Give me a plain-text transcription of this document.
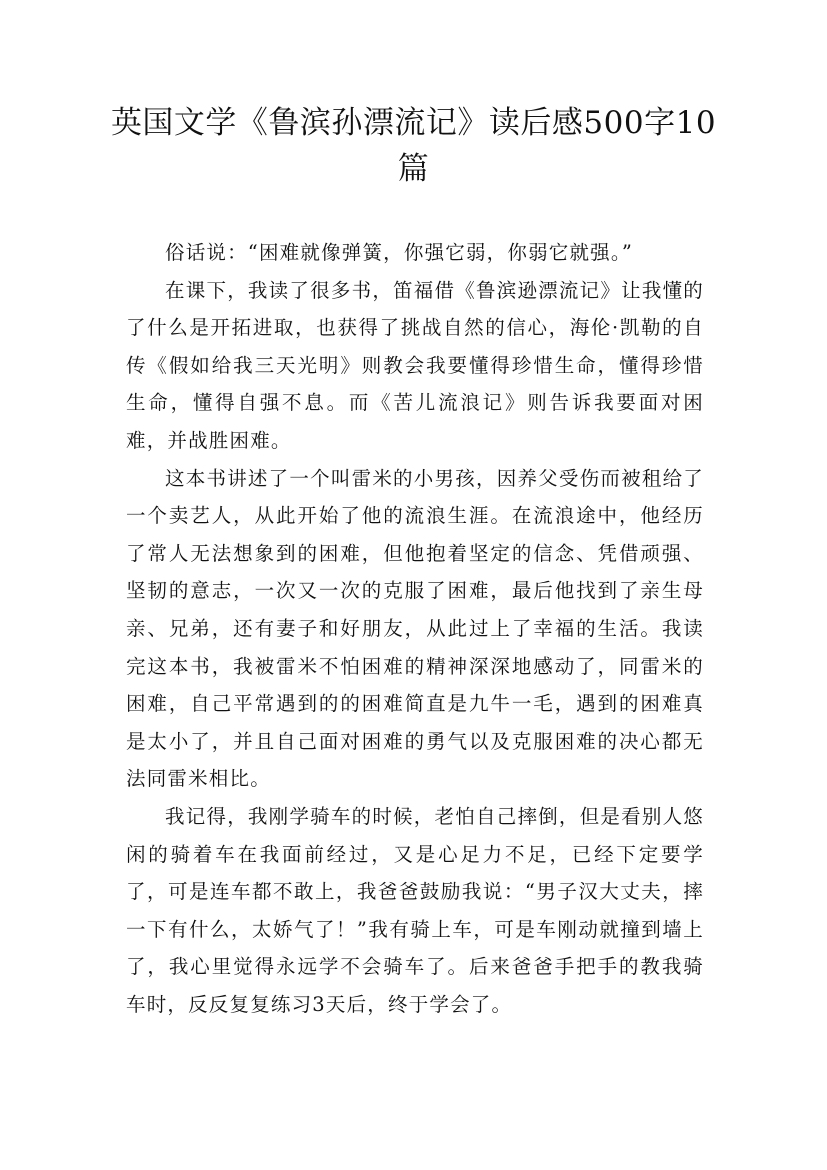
英国文学《鲁滨孙漂流记》读后感500字10篇

俗话说：“困难就像弹簧，你强它弱，你弱它就强。”

在课下，我读了很多书，笛福借《鲁滨逊漂流记》让我懂的了什么是开拓进取，也获得了挑战自然的信心，海伦·凯勒的自传《假如给我三天光明》则教会我要懂得珍惜生命，懂得珍惜生命，懂得自强不息。而《苦儿流浪记》则告诉我要面对困难，并战胜困难。

这本书讲述了一个叫雷米的小男孩，因养父受伤而被租给了一个卖艺人，从此开始了他的流浪生涯。在流浪途中，他经历了常人无法想象到的困难，但他抱着坚定的信念、凭借顽强、坚韧的意志，一次又一次的克服了困难，最后他找到了亲生母亲、兄弟，还有妻子和好朋友，从此过上了幸福的生活。我读完这本书，我被雷米不怕困难的精神深深地感动了，同雷米的困难，自己平常遇到的的困难简直是九牛一毛，遇到的困难真是太小了，并且自己面对困难的勇气以及克服困难的决心都无法同雷米相比。

我记得，我刚学骑车的时候，老怕自己摔倒，但是看别人悠闲的骑着车在我面前经过，又是心足力不足，已经下定要学了，可是连车都不敢上，我爸爸鼓励我说：“男子汉大丈夫，摔一下有什么，太娇气了！”我有骑上车，可是车刚动就撞到墙上了，我心里觉得永远学不会骑车了。后来爸爸手把手的教我骑车时，反反复复练习3天后，终于学会了。
